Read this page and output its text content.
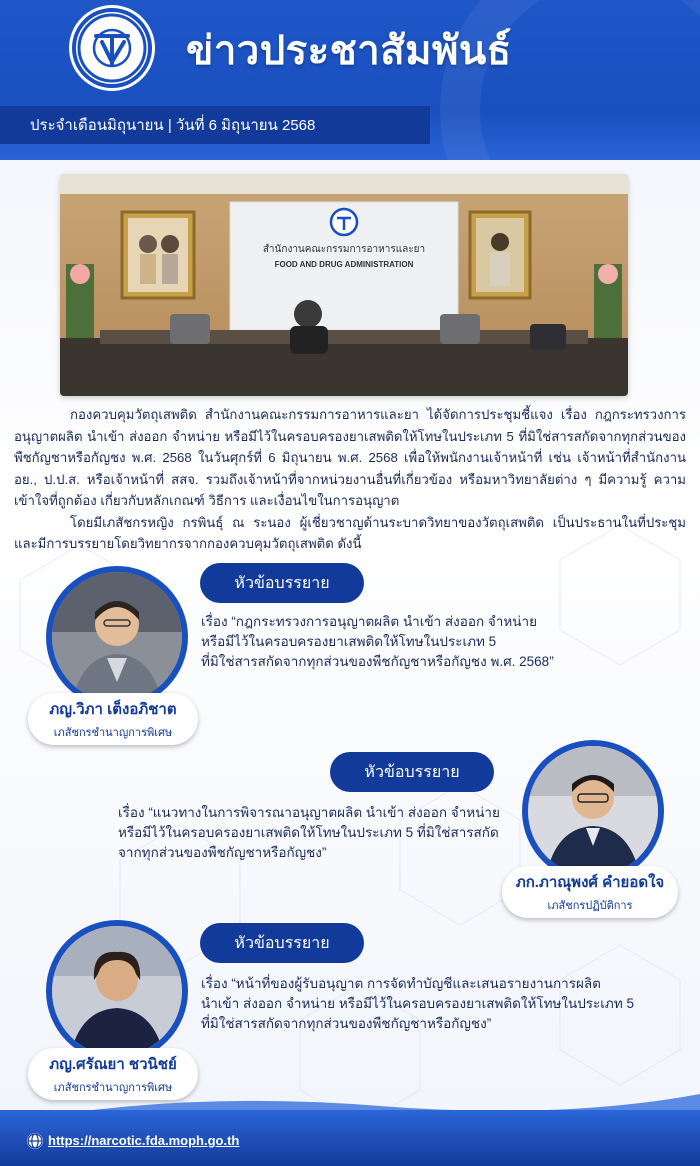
ข่าวประชาสัมพันธ์
ประจำเดือนมิถุนายน | วันที่ 6 มิถุนายน 2568
สำนักงานคณะกรรมการอาหารและยา
FOOD AND DRUG ADMINISTRATION

กองควบคุมวัตถุเสพติด สำนักงานคณะกรรมการอาหารและยา ได้จัดการประชุมชี้แจง เรื่อง กฎกระทรวงการอนุญาตผลิต นำเข้า ส่งออก จำหน่าย หรือมีไว้ในครอบครองยาเสพติดให้โทษในประเภท 5 ที่มิใช่สารสกัดจากทุกส่วนของพืชกัญชาหรือกัญชง พ.ศ. 2568 ในวันศุกร์ที่ 6 มิถุนายน พ.ศ. 2568 เพื่อให้พนักงานเจ้าหน้าที่ เช่น เจ้าหน้าที่สำนักงาน อย., ป.ป.ส. หรือเจ้าหน้าที่ สสจ. รวมถึงเจ้าหน้าที่จากหน่วยงานอื่นที่เกี่ยวข้อง หรือมหาวิทยาลัยต่าง ๆ มีความรู้ ความเข้าใจที่ถูกต้อง เกี่ยวกับหลักเกณฑ์ วิธีการ และเงื่อนไขในการอนุญาต

โดยมีเภสัชกรหญิง กรพินธุ์ ณ ระนอง ผู้เชี่ยวชาญด้านระบาดวิทยาของวัตถุเสพติด เป็นประธานในที่ประชุม และมีการบรรยายโดยวิทยากรจากกองควบคุมวัตถุเสพติด ดังนี้

หัวข้อบรรยาย
ภญ.วิภา เต็งอภิชาต
เภสัชกรชำนาญการพิเศษ
เรื่อง “กฎกระทรวงการอนุญาตผลิต นำเข้า ส่งออก จำหน่าย
หรือมีไว้ในครอบครองยาเสพติดให้โทษในประเภท 5
ที่มิใช่สารสกัดจากทุกส่วนของพืชกัญชาหรือกัญชง พ.ศ. 2568”
หัวข้อบรรยาย
ภก.ภาณุพงศ์ คำยอดใจ
เภสัชกรปฏิบัติการ
เรื่อง “แนวทางในการพิจารณาอนุญาตผลิต นำเข้า ส่งออก จำหน่าย
หรือมีไว้ในครอบครองยาเสพติดให้โทษในประเภท 5 ที่มิใช่สารสกัด
จากทุกส่วนของพืชกัญชาหรือกัญชง”
หัวข้อบรรยาย
ภญ.ศรัณยา ชวนิชย์
เภสัชกรชำนาญการพิเศษ
เรื่อง “หน้าที่ของผู้รับอนุญาต การจัดทำบัญชีและเสนอรายงานการผลิต
นำเข้า ส่งออก จำหน่าย หรือมีไว้ในครอบครองยาเสพติดให้โทษในประเภท 5
ที่มิใช่สารสกัดจากทุกส่วนของพืชกัญชาหรือกัญชง”
https://narcotic.fda.moph.go.th
